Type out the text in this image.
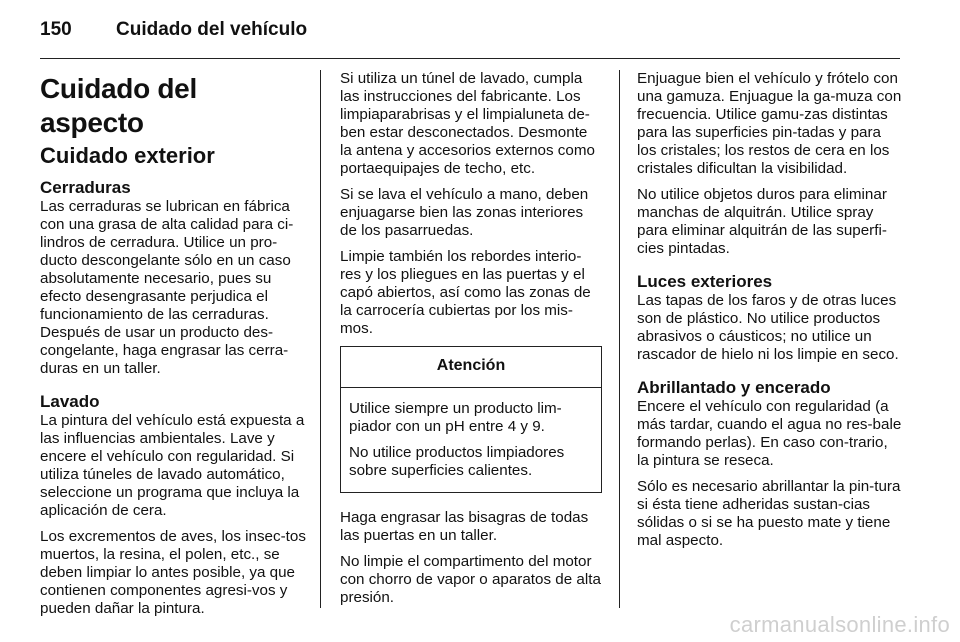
150	Cuidado del vehículo
Cuidado del aspecto
Cuidado exterior
Cerraduras

Las cerraduras se lubrican en fábrica con una grasa de alta calidad para ci-lindros de cerradura. Utilice un pro-ducto descongelante sólo en un caso absolutamente necesario, pues su efecto desengrasante perjudica el funcionamiento de las cerraduras. Después de usar un producto des-congelante, haga engrasar las cerra-duras en un taller.

Lavado

La pintura del vehículo está expuesta a las influencias ambientales. Lave y encere el vehículo con regularidad. Si utiliza túneles de lavado automático, seleccione un programa que incluya la aplicación de cera.

Los excrementos de aves, los insec-tos muertos, la resina, el polen, etc., se deben limpiar lo antes posible, ya que contienen componentes agresi-vos y pueden dañar la pintura.

Si utiliza un túnel de lavado, cumpla las instrucciones del fabricante. Los limpiaparabrisas y el limpialuneta de-ben estar desconectados. Desmonte la antena y accesorios externos como portaequipajes de techo, etc.

Si se lava el vehículo a mano, deben enjuagarse bien las zonas interiores de los pasarruedas.

Limpie también los rebordes interio-res y los pliegues en las puertas y el capó abiertos, así como las zonas de la carrocería cubiertas por los mis-mos.

Atención

Utilice siempre un producto lim-piador con un pH entre 4 y 9.

No utilice productos limpiadores sobre superficies calientes.

Haga engrasar las bisagras de todas las puertas en un taller.

No limpie el compartimento del motor con chorro de vapor o aparatos de alta presión.

Enjuague bien el vehículo y frótelo con una gamuza. Enjuague la ga-muza con frecuencia. Utilice gamu-zas distintas para las superficies pin-tadas y para los cristales; los restos de cera en los cristales dificultan la visibilidad.

No utilice objetos duros para eliminar manchas de alquitrán. Utilice spray para eliminar alquitrán de las superfi-cies pintadas.

Luces exteriores

Las tapas de los faros y de otras luces son de plástico. No utilice productos abrasivos o cáusticos; no utilice un rascador de hielo ni los limpie en seco.

Abrillantado y encerado

Encere el vehículo con regularidad (a más tardar, cuando el agua no res-bale formando perlas). En caso con-trario, la pintura se reseca.

Sólo es necesario abrillantar la pin-tura si ésta tiene adheridas sustan-cias sólidas o si se ha puesto mate y tiene mal aspecto.

carmanualsonline.info
